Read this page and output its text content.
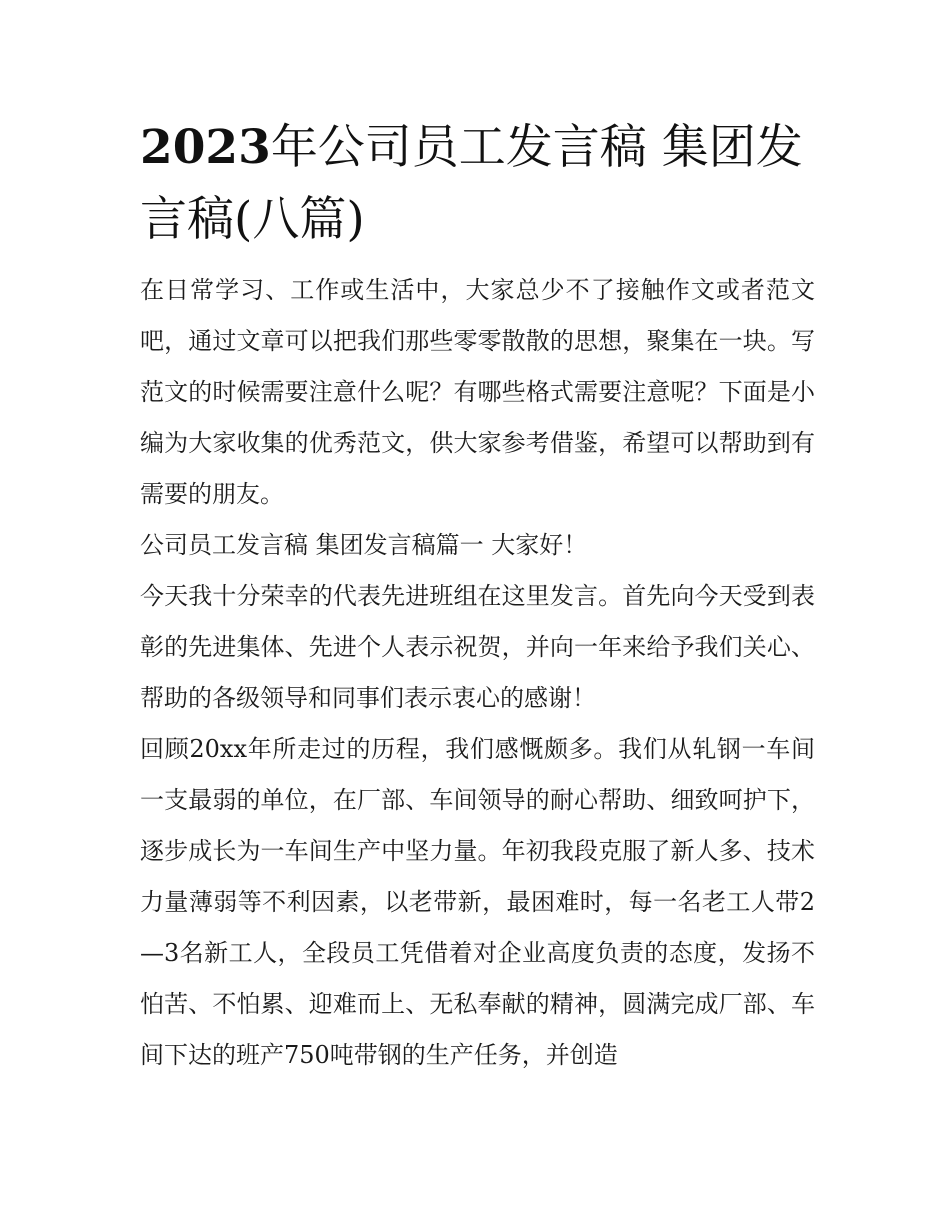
2023年公司员工发言稿 集团发言稿(八篇)

在日常学习、工作或生活中，大家总少不了接触作文或者范文吧，通过文章可以把我们那些零零散散的思想，聚集在一块。写范文的时候需要注意什么呢？有哪些格式需要注意呢？下面是小编为大家收集的优秀范文，供大家参考借鉴，希望可以帮助到有需要的朋友。

公司员工发言稿 集团发言稿篇一 大家好！

今天我十分荣幸的代表先进班组在这里发言。首先向今天受到表彰的先进集体、先进个人表示祝贺，并向一年来给予我们关心、帮助的各级领导和同事们表示衷心的感谢！

回顾20xx年所走过的历程，我们感慨颇多。我们从轧钢一车间一支最弱的单位，在厂部、车间领导的耐心帮助、细致呵护下，逐步成长为一车间生产中坚力量。年初我段克服了新人多、技术力量薄弱等不利因素，以老带新，最困难时，每一名老工人带2—3名新工人，全段员工凭借着对企业高度负责的态度，发扬不怕苦、不怕累、迎难而上、无私奉献的精神，圆满完成厂部、车间下达的班产750吨带钢的生产任务，并创造
